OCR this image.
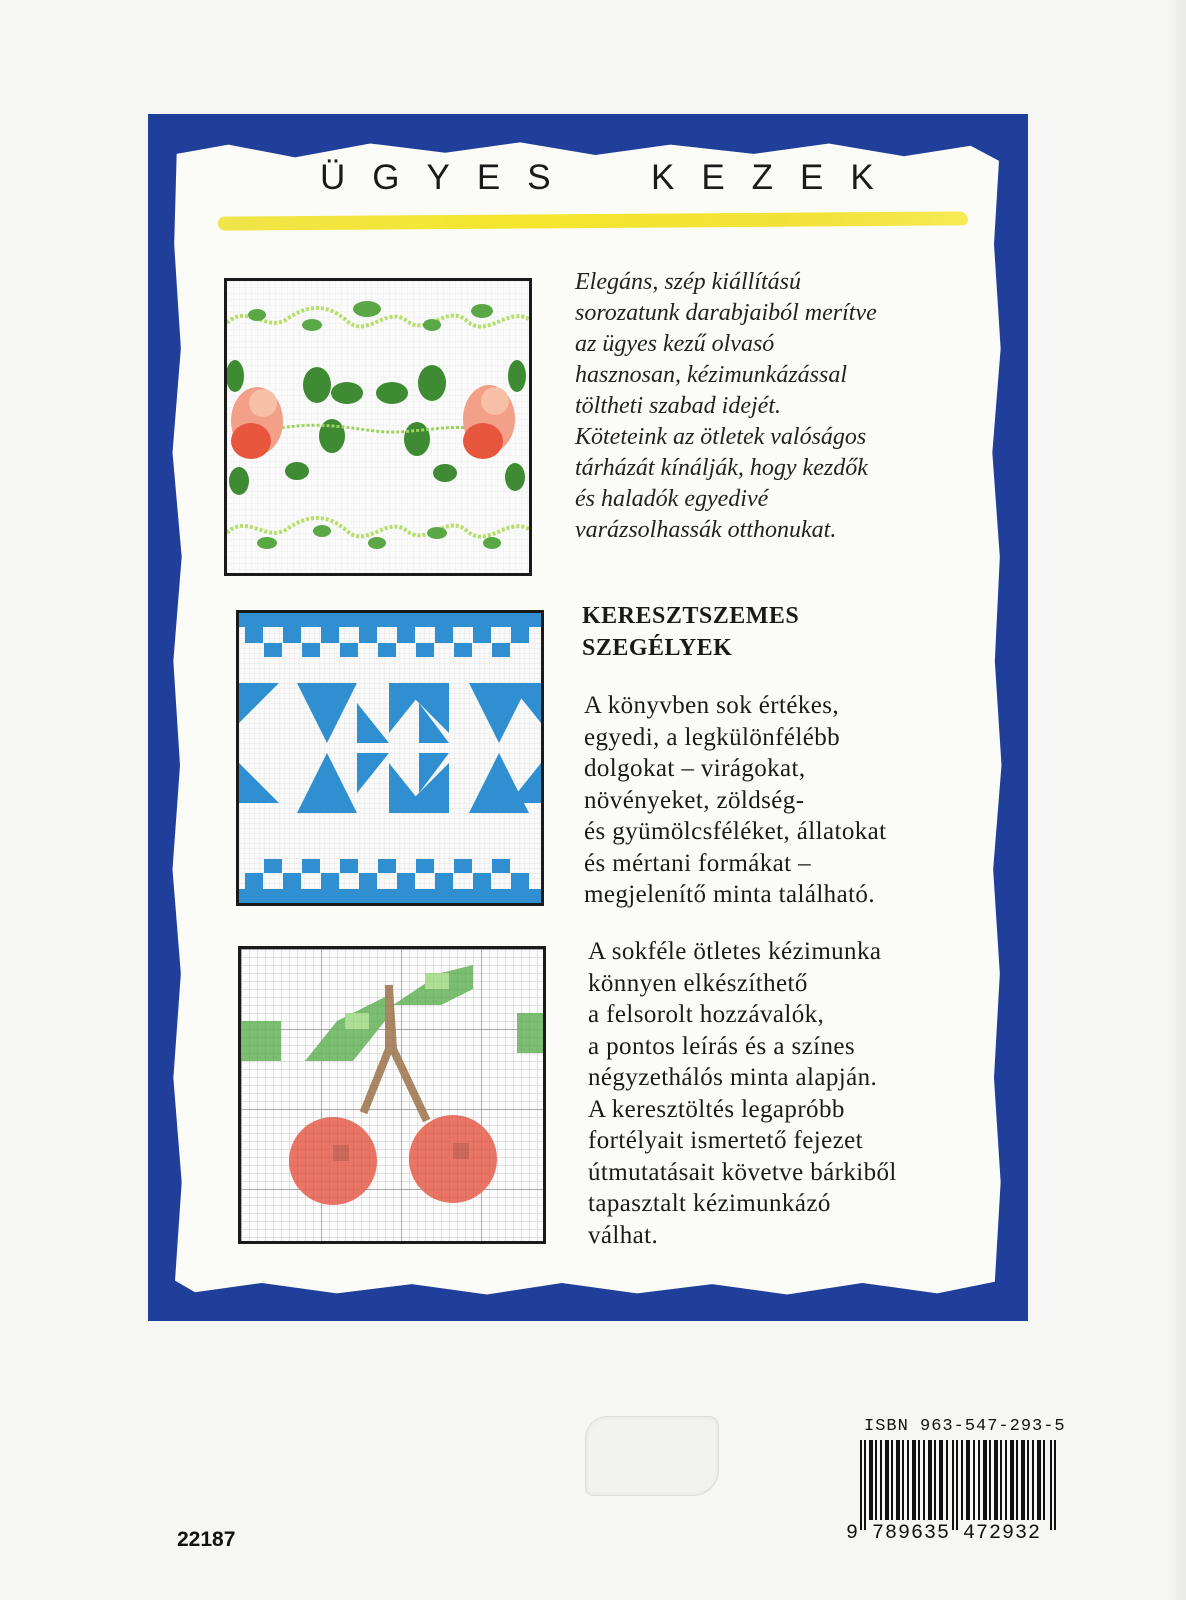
ÜGYES  KEZEK
Elegáns, szép kiállítású
sorozatunk darabjaiból merítve
az ügyes kezű olvasó
hasznosan, kézimunkázással
töltheti szabad idejét.
Köteteink az ötletek valóságos
tárházát kínálják, hogy kezdők
és haladók egyedivé
varázsolhassák otthonukat.
KERESZTSZEMES
SZEGÉLYEK
A könyvben sok értékes,
egyedi, a legkülönfélébb
dolgokat – virágokat,
növényeket, zöldség-
és gyümölcsféléket, állatokat
és mértani formákat –
megjelenítő minta található.
A sokféle ötletes kézimunka
könnyen elkészíthető
a felsorolt hozzávalók,
a pontos leírás és a színes
négyzethálós minta alapján.
A keresztöltés legapróbb
fortélyait ismertető fejezet
útmutatásait követve bárkiből
tapasztalt kézimunkázó
válhat.
ISBN 963-547-293-5
9 789635 472932
22187
